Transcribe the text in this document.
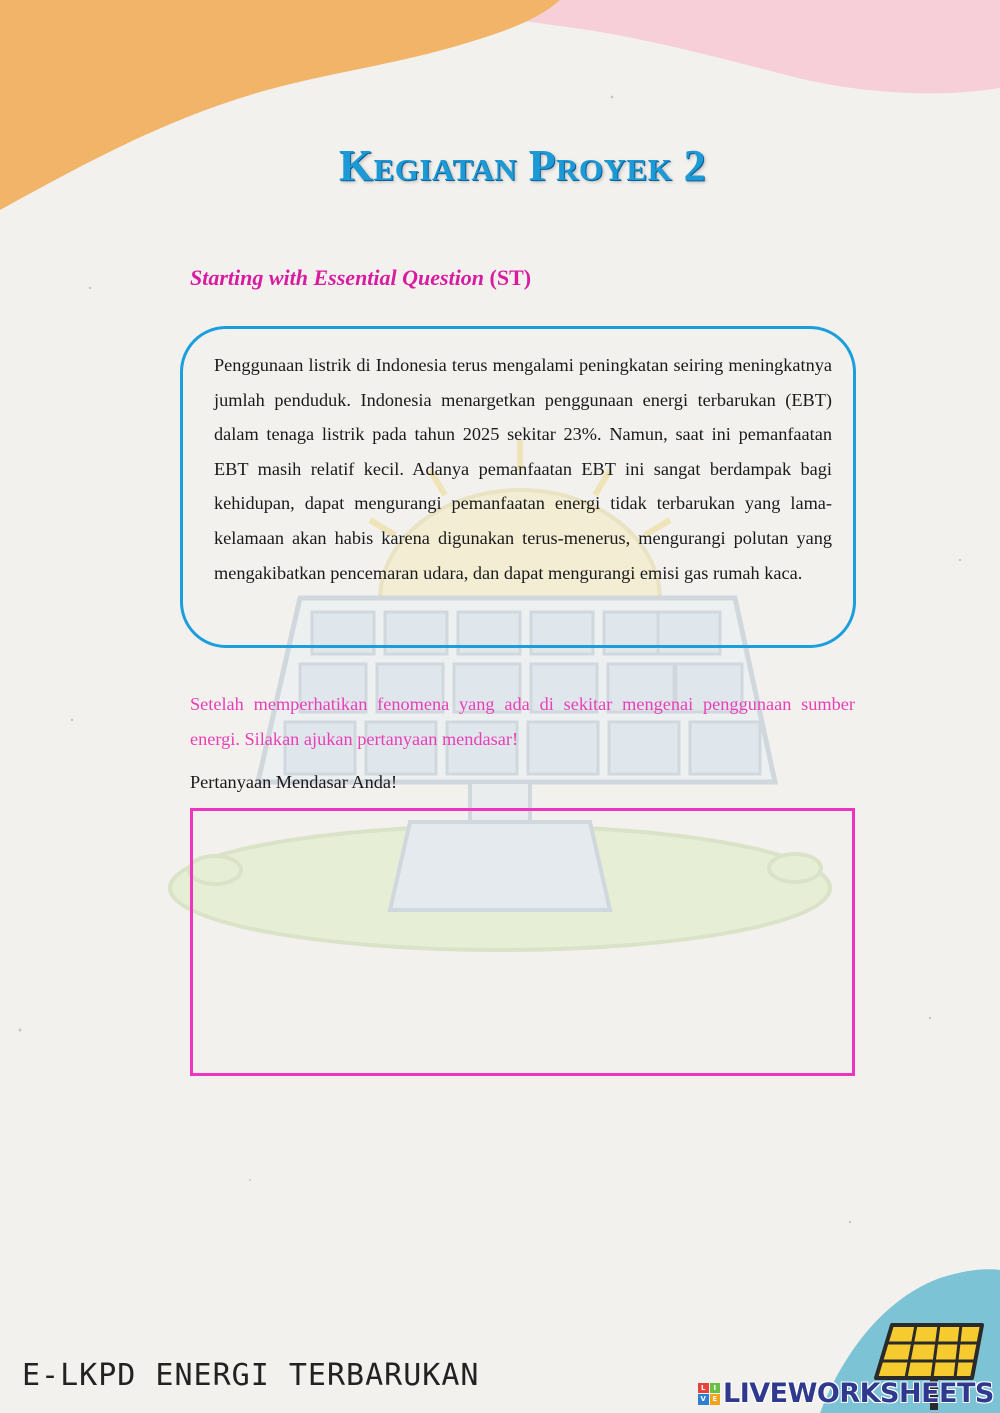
Kegiatan Proyek 2
Starting with Essential Question (ST)
Penggunaan listrik di Indonesia terus mengalami peningkatan seiring meningkatnya jumlah penduduk. Indonesia menargetkan penggunaan energi terbarukan (EBT) dalam tenaga listrik pada tahun 2025 sekitar 23%. Namun, saat ini pemanfaatan EBT masih relatif kecil. Adanya pemanfaatan EBT ini sangat berdampak bagi kehidupan, dapat mengurangi pemanfaatan energi tidak terbarukan yang lama-kelamaan akan habis karena digunakan terus-menerus, mengurangi polutan yang mengakibatkan pencemaran udara, dan dapat mengurangi emisi gas rumah kaca.
Setelah memperhatikan fenomena yang ada di sekitar mengenai penggunaan sumber energi. Silakan ajukan pertanyaan mendasar!
Pertanyaan Mendasar Anda!
E-LKPD ENERGI TERBARUKAN	L	I
V E LIVEWORKSHEETS
